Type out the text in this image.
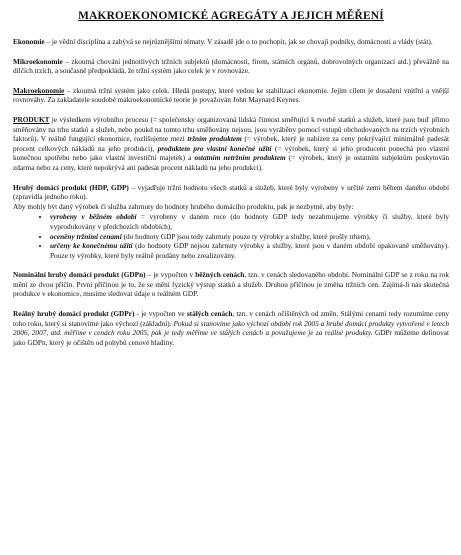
MAKROEKONOMICKÉ AGREGÁTY A JEJICH MĚŘENÍ

Ekonomie – je vědní disciplína a zabývá se nejrůznějšími tématy. V zásadě jde o to pochopit, jak se chovají podniky, domácnosti a vlády (stát).

Mikroekonomie – zkoumá chování jednotlivých tržních subjektů (domácností, firem, státních orgánů, dobrovolných organizací atd.) převážně na dílčích trzích, a současně předpokládá, že tržní systém jako celek je v rovnováze.

Makroekonomie – zkoumá tržní systém jako celek. Hledá postupy, které vedou ke stabilizaci ekonomie. Jejím cílem je dosažení vnitřní a vnější rovnováhy. Za zakladatele soudobé makroekonomické teorie je považován John Maynard Keynes.

PRODUKT je výsledkem výrobního procesu (= společensky organizovaná lidská činnost směřující k tvorbě statků a služeb, které jsou buď přímo směňovány na trhu statků a služeb, nebo poukd na tomto trhu směňovány nejsou, jsou vyráběny pomocí vstupů obchodovaných na trzích výrobních faktorů). V reálně fungující ekonomice, rozlišujeme mezi tržním produktem (= výrobek, který je nabízen za ceny pokrývající minimálně padesát procent celkových nákladů na jeho produkci), produktem pro vlastní konečné užití (= výrobek, který si jeho producent ponechá pro vlastní konečnou spotřebu nebo jako vlastní investiční majetek) a ostatním netržním produktem (= výrobek, který je ostatním subjektům poskytován zdarma nebo za ceny, které nepokrývá ani padesát procent nákladů na jeho produkci).

Hrubý domácí produkt (HDP, GDP) – vyjadřuje tržní hodnotu všech statků a služeb, které byly vyrobeny v určité zemi během daného období (zpravidla jednoho roku).
Aby mohly být daný výrobek či služba zahrnuty do hodnoty hrubého domácího produktu, pak je nezbytné, aby byly:

• vyrobeny v běžném období = vyrobeny v daném roce (do hodnoty GDP tedy nezahrnujeme výrobky či služby, které byly vyprodukovány v předchozích obdobích),
• oceněny tržními cenami (do hodnoty GDP jsou tedy zahrnuty pouze ty výrobky a služby, které prošly trhem),
• určeny ke konečnému užití (do hodnoty GDP nejsou zahrnuty výrobky a služby, které jsou v daném období opakovaně směňovány). Pouze ty výrobky, které byly reálně prodány nebo zrealizovány.

Nominální hrubý domácí produkt (GDPn) – je vypočten v běžných cenách, tzn. v cenách sledovaného období. Nominální GDP se z roku na rok mění ze dvou příčin. První příčinou je to, že se mění fyzický výstup statků a služeb. Druhou příčinou je změna tržních cen. Zajímá-li nás skutečná produkce v ekonomice, musíme sledovat údaje o reálném GDP.

Reálný hrubý domácí produkt (GDPr) - je vypočten ve stálých cenách, tzn. v cenách očištěných od změn. Stálými cenami tedy rozumíme ceny toho roku, který si stanovíme jako výchozí (základní). Pokud si stanovíme jako výchozí období rok 2005 a hrubé domácí produkty vytvořené v letech 2006, 2007, atd. měříme v cenách roku 2005, pak je tedy měříme ve stálých cenách a považujeme je za reálné produkty. GDPr můžeme definovat jako GDPn, který je očištěn od pohybů cenové hladiny.
